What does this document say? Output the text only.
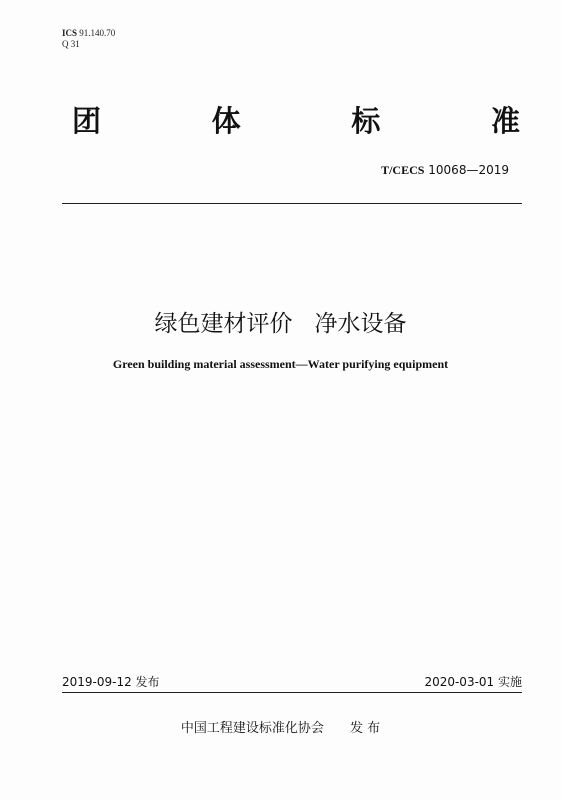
ICS 91.140.70
Q 31
团	体	标	准
T/CECS 10068—2019
绿色建材评价   净水设备
Green building material assessment—Water purifying equipment
2019-09-12 发布	2020-03-01 实施
中国工程建设标准化协会 发 布
